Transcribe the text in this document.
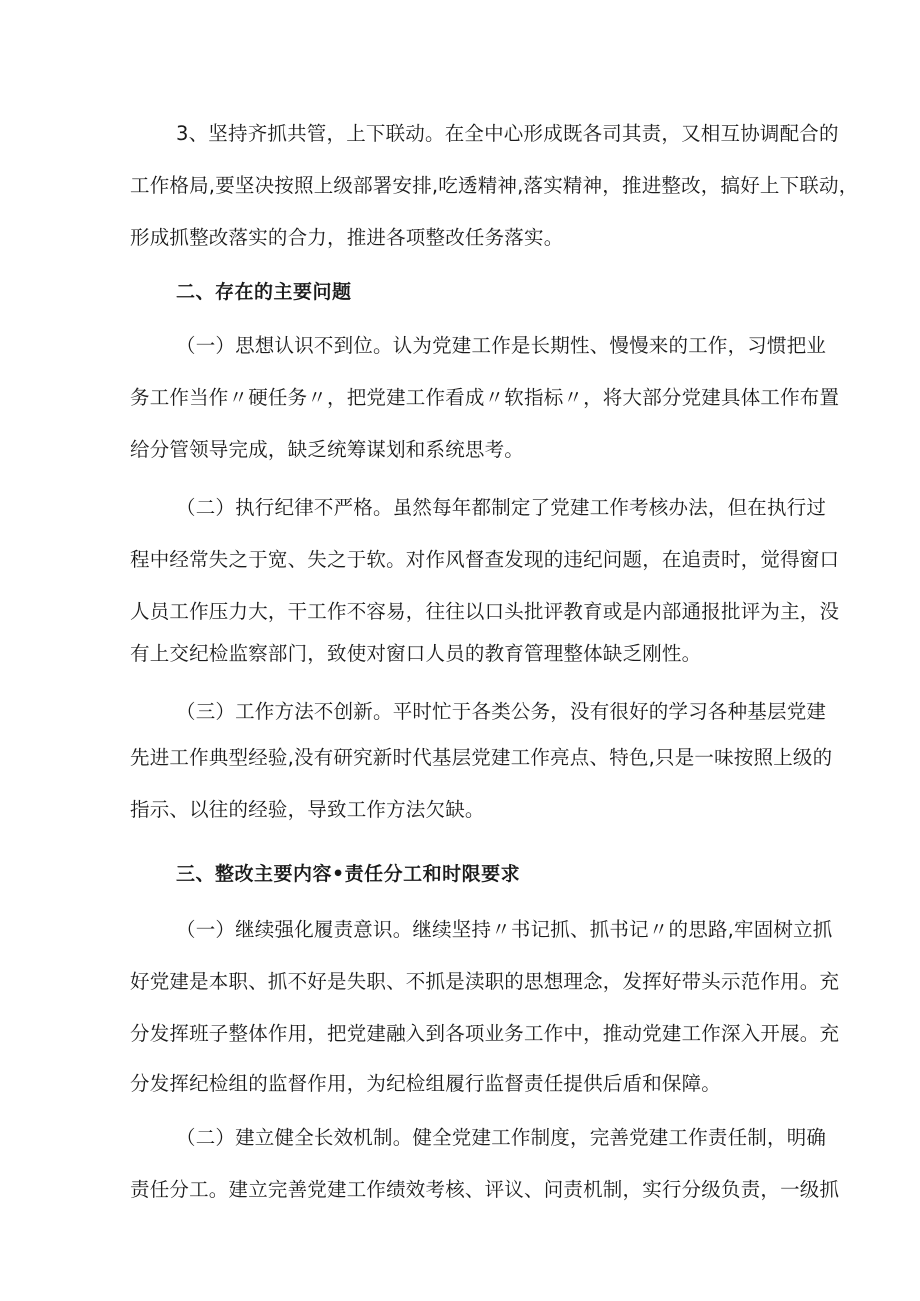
3、坚持齐抓共管，上下联动。在全中心形成既各司其责，又相互协调配合的
工作格局,要坚决按照上级部署安排,吃透精神,落实精神，推进整改，搞好上下联动，
形成抓整改落实的合力，推进各项整改任务落实。
二、存在的主要问题
（一）思想认识不到位。认为党建工作是长期性、慢慢来的工作，习惯把业
务工作当作〃硬任务〃，把党建工作看成〃软指标〃，将大部分党建具体工作布置
给分管领导完成，缺乏统筹谋划和系统思考。
（二）执行纪律不严格。虽然每年都制定了党建工作考核办法，但在执行过
程中经常失之于宽、失之于软。对作风督查发现的违纪问题，在追责时，觉得窗口
人员工作压力大，干工作不容易，往往以口头批评教育或是内部通报批评为主，没
有上交纪检监察部门，致使对窗口人员的教育管理整体缺乏刚性。
（三）工作方法不创新。平时忙于各类公务，没有很好的学习各种基层党建
先进工作典型经验,没有研究新时代基层党建工作亮点、特色,只是一味按照上级的
指示、以往的经验，导致工作方法欠缺。
三、整改主要内容•责任分工和时限要求
（一）继续强化履责意识。继续坚持〃书记抓、抓书记〃的思路,牢固树立抓
好党建是本职、抓不好是失职、不抓是渎职的思想理念，发挥好带头示范作用。充
分发挥班子整体作用，把党建融入到各项业务工作中，推动党建工作深入开展。充
分发挥纪检组的监督作用，为纪检组履行监督责任提供后盾和保障。
（二）建立健全长效机制。健全党建工作制度，完善党建工作责任制，明确
责任分工。建立完善党建工作绩效考核、评议、问责机制，实行分级负责，一级抓
